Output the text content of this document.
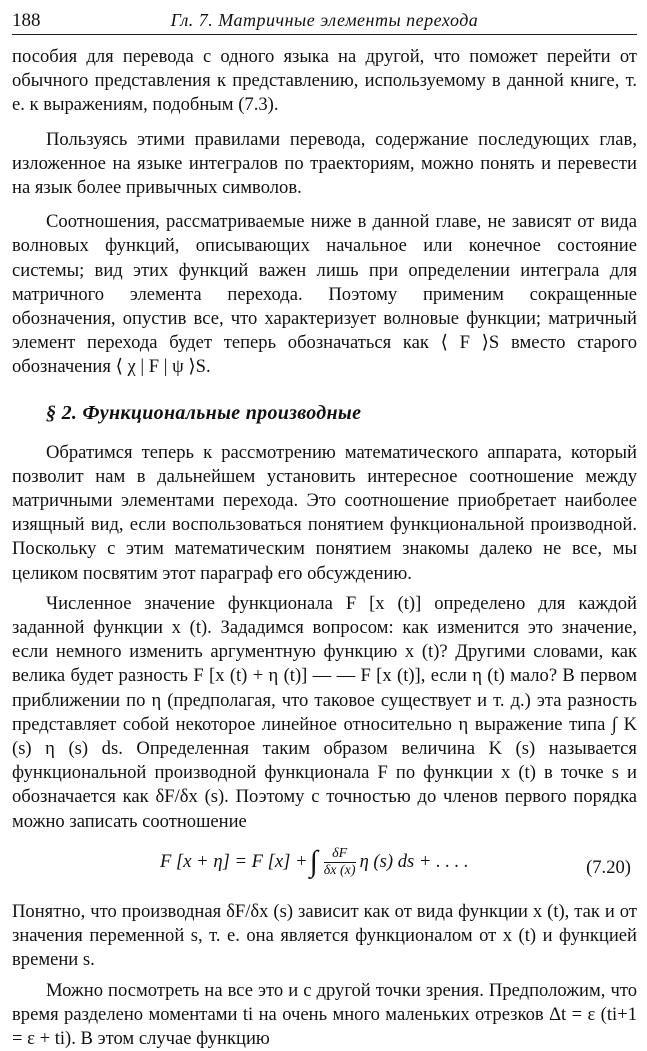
188	Гл. 7. Матричные элементы перехода

пособия для перевода с одного языка на другой, что поможет перейти от обычного представления к представлению, используемому в данной книге, т. е. к выражениям, подобным (7.3).

Пользуясь этими правилами перевода, содержание последующих глав, изложенное на языке интегралов по траекториям, можно понять и перевести на язык более привычных символов.

Соотношения, рассматриваемые ниже в данной главе, не зависят от вида волновых функций, описывающих начальное или конечное состояние системы; вид этих функций важен лишь при определении интеграла для матричного элемента перехода. Поэтому применим сокращенные обозначения, опустив все, что характеризует волновые функции; матричный элемент перехода будет теперь обозначаться как ⟨ F ⟩S вместо старого обозначения ⟨ χ | F | ψ ⟩S.

§ 2. Функциональные производные

Обратимся теперь к рассмотрению математического аппарата, который позволит нам в дальнейшем установить интересное соотношение между матричными элементами перехода. Это соотношение приобретает наиболее изящный вид, если воспользоваться понятием функциональной производной. Поскольку с этим математическим понятием знакомы далеко не все, мы целиком посвятим этот параграф его обсуждению.

Численное значение функционала F [x (t)] определено для каждой заданной функции x (t). Зададимся вопросом: как изменится это значение, если немного изменить аргументную функцию x (t)? Другими словами, как велика будет разность F [x (t) + η (t)] — — F [x (t)], если η (t) мало? В первом приближении по η (предполагая, что таковое существует и т. д.) эта разность представляет собой некоторое линейное относительно η выражение типа ∫ K (s) η (s) ds. Определенная таким образом величина K (s) называется функциональной производной функционала F по функции x (t) в точке s и обозначается как δF/δx (s). Поэтому с точностью до членов первого порядка можно записать соотношение

F [x + η] = F [x] + ∫ $\frac{\delta F}{\delta x (x)}$ η (s) ds + . . . .	(7.20)

Понятно, что производная δF/δx (s) зависит как от вида функции x (t), так и от значения переменной s, т. е. она является функционалом от x (t) и функцией времени s.

Можно посмотреть на все это и с другой точки зрения. Предположим, что время разделено моментами ti на очень много маленьких отрезков Δt = ε (ti+1 = ε + ti). В этом случае функцию
